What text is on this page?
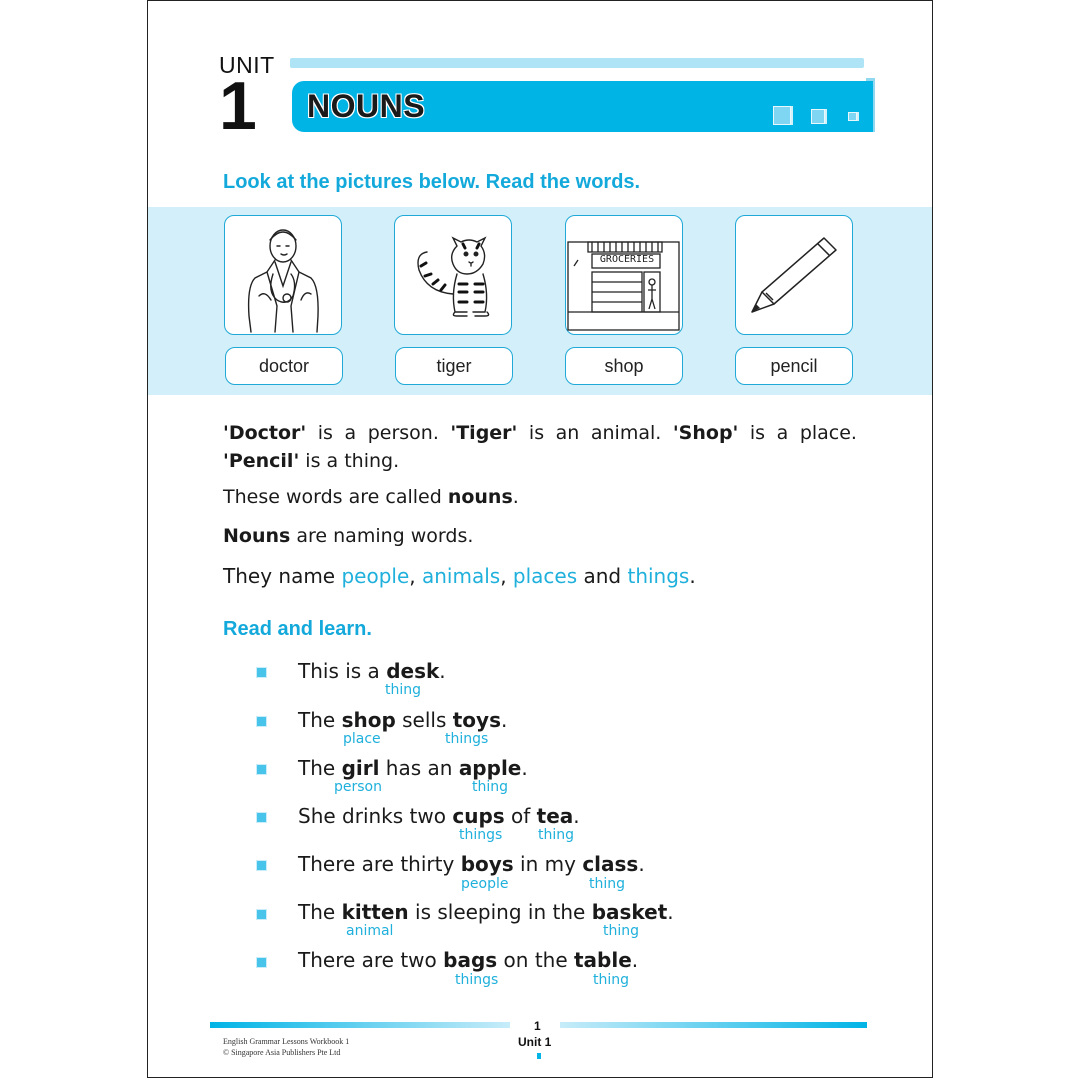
UNIT
1 NOUNS
Look at the pictures below. Read the words.
doctor	tiger
GROCERIES
shop	pencil
'Doctor' is a person. 'Tiger' is an animal. 'Shop' is a place.
'Pencil' is a thing.
These words are called nouns.
Nouns are naming words.
They name people, animals, places and things.
Read and learn.
This is a desk.
thing
The shop sells toys.
place	things
The girl has an apple.
person	thing
She drinks two cups of tea.
things	thing
There are thirty boys in my class.
people	thing
The kitten is sleeping in the basket.
animal	thing
There are two bags on the table.
things	thing
English Grammar Lessons Workbook 1
© Singapore Asia Publishers Pte Ltd
1
Unit 1
